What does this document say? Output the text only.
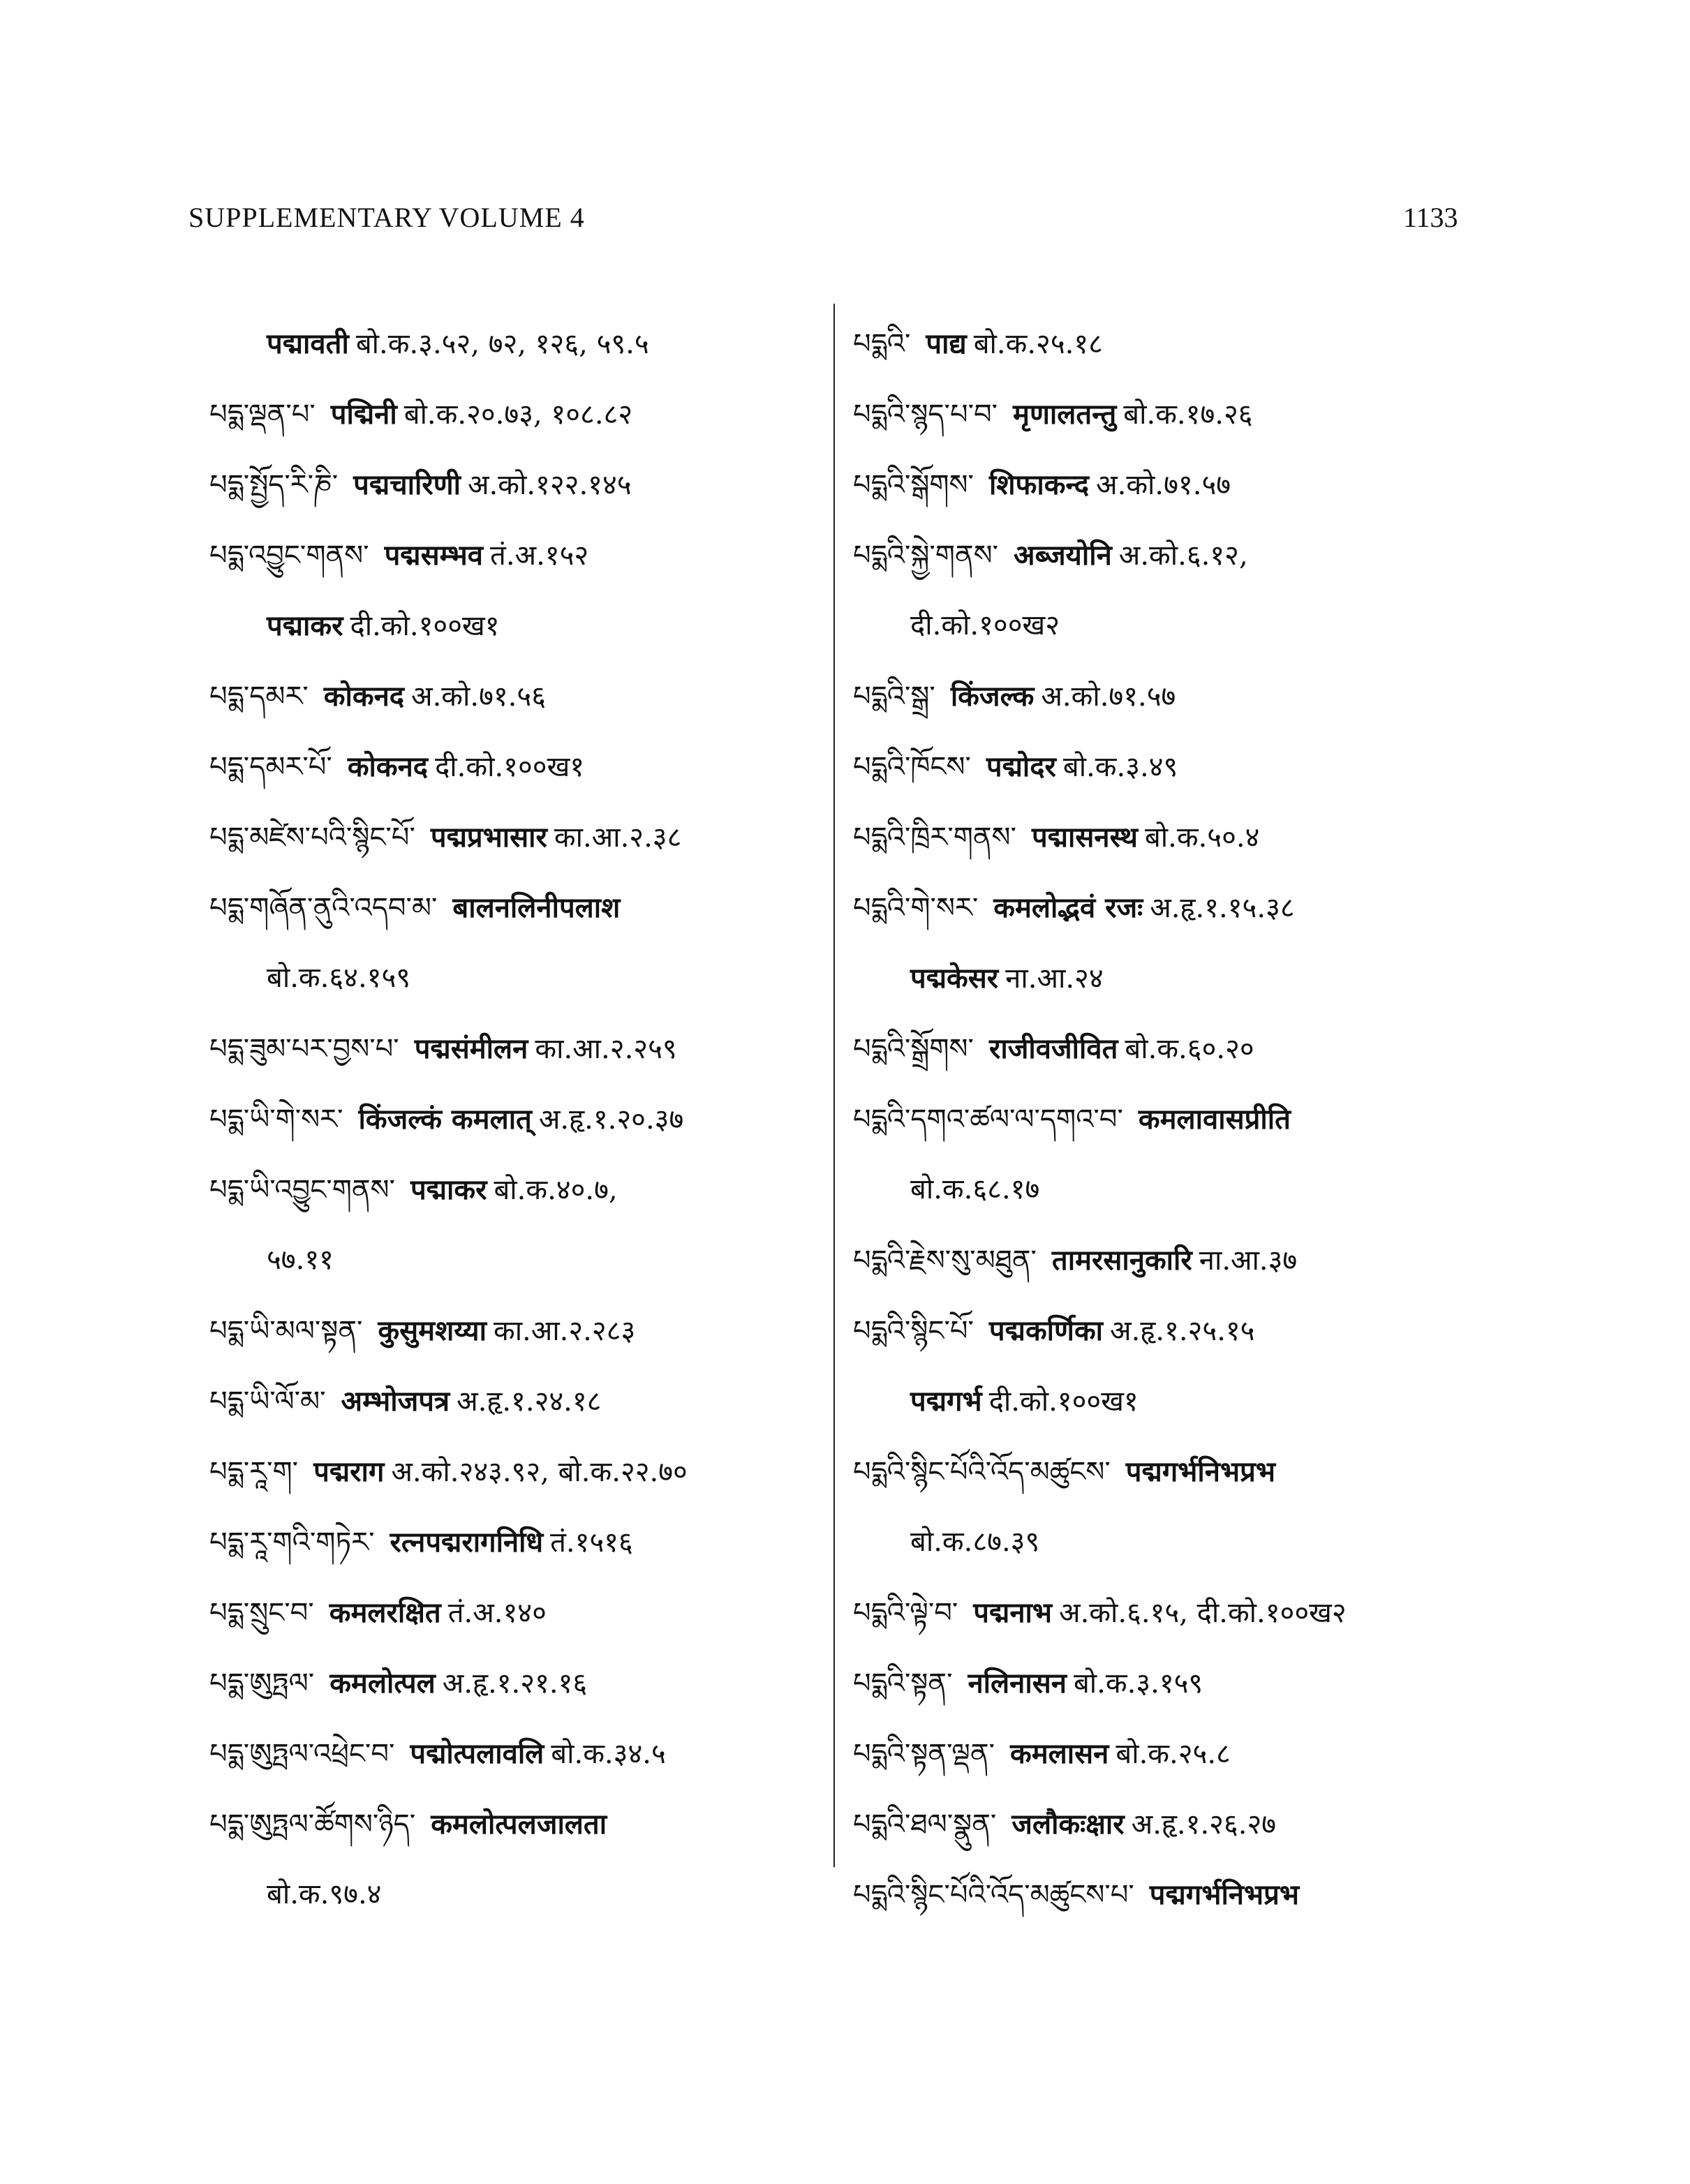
SUPPLEMENTARY VOLUME 4	1133
पद्मावती बो.क.३.५२, ७२, १२६, ५९.५
པདྨ་ལྡན་པ་ पद्मिनी बो.क.२०.७३, १०८.८२
པདྨ་སྤྱོད་རི་ཎི་ पद्मचारिणी अ.को.१२२.१४५
པདྨ་འབྱུང་གནས་ पद्मसम्भव तं.अ.१५२
पद्माकर दी.को.१००ख१
པདྨ་དམར་ कोकनद अ.को.७१.५६
པདྨ་དམར་པོ་ कोकनद दी.को.१००ख१
པདྨ་མཛེས་པའི་སྙིང་པོ་ पद्मप्रभासार का.आ.२.३८
པདྨ་གཞོན་ནུའི་འདབ་མ་ बालनलिनीपलाश
बो.क.६४.१५९
པདྨ་ཟུམ་པར་བྱས་པ་ पद्मसंमीलन का.आ.२.२५९
པདྨ་ཡི་གེ་སར་ किंजल्कं कमलात् अ.हृ.१.२०.३७
པདྨ་ཡི་འབྱུང་གནས་ पद्माकर बो.क.४०.७,
५७.११
པདྨ་ཡི་མལ་སྟན་ कुसुमशय्या का.आ.२.२८३
པདྨ་ཡི་ལོ་མ་ अम्भोजपत्र अ.हृ.१.२४.१८
པདྨ་རཱ་ག་ पद्मराग अ.को.२४३.९२, बो.क.२२.७०
པདྨ་རཱ་གའི་གཏེར་ रत्नपद्मरागनिधि तं.१५१६
པདྨ་སྲུང་བ་ कमलरक्षित तं.अ.१४०
པདྨ་ཨུཏྤལ་ कमलोत्पल अ.हृ.१.२१.१६
པདྨ་ཨུཏྤལ་འཕྲེང་བ་ पद्मोत्पलावलि बो.क.३४.५
པདྨ་ཨུཏྤལ་ཚོགས་ཉིད་ कमलोत्पलजालता
बो.क.९७.४
པདྨའི་ पाद्य बो.क.२५.१८
པདྨའི་སྙད་པ་བ་ मृणालतन्तु बो.क.१७.२६
པདྨའི་སྒོགས་ शिफाकन्द अ.को.७१.५७
པདྨའི་སྐྱེ་གནས་ अब्जयोनि अ.को.६.१२,
दी.को.१००ख२
པདྨའི་སྒྲ་ किंजल्क अ.को.७१.५७
པདྨའི་ཁོངས་ पद्मोदर बो.क.३.४९
པདྨའི་ཁྲིར་གནས་ पद्मासनस्थ बो.क.५०.४
པདྨའི་གེ་སར་ कमलोद्भवं रजः अ.हृ.१.१५.३८
पद्मकेसर ना.आ.२४
པདྨའི་སྒྲོགས་ राजीवजीवित बो.क.६०.२०
པདྨའི་དགའ་ཚལ་ལ་དགའ་བ་ कमलावासप्रीति
बो.क.६८.१७
པདྨའི་རྗེས་སུ་མཐུན་ तामरसानुकारि ना.आ.३७
པདྨའི་སྙིང་པོ་ पद्मकर्णिका अ.हृ.१.२५.१५
पद्मगर्भ दी.को.१००ख१
པདྨའི་སྙིང་པོའི་འོད་མཚུངས་ पद्मगर्भनिभप्रभ
बो.क.८७.३९
པདྨའི་ལྟེ་བ་ पद्मनाभ अ.को.६.१५, दी.को.१००ख२
པདྨའི་སྟན་ नलिनासन बो.क.३.१५९
པདྨའི་སྟན་ལྡན་ कमलासन बो.क.२५.८
པདྨའི་ཐལ་སྣུན་ जलौकःक्षार अ.हृ.१.२६.२७
པདྨའི་སྙིང་པོའི་འོད་མཚུངས་པ་ पद्मगर्भनिभप्रभ
